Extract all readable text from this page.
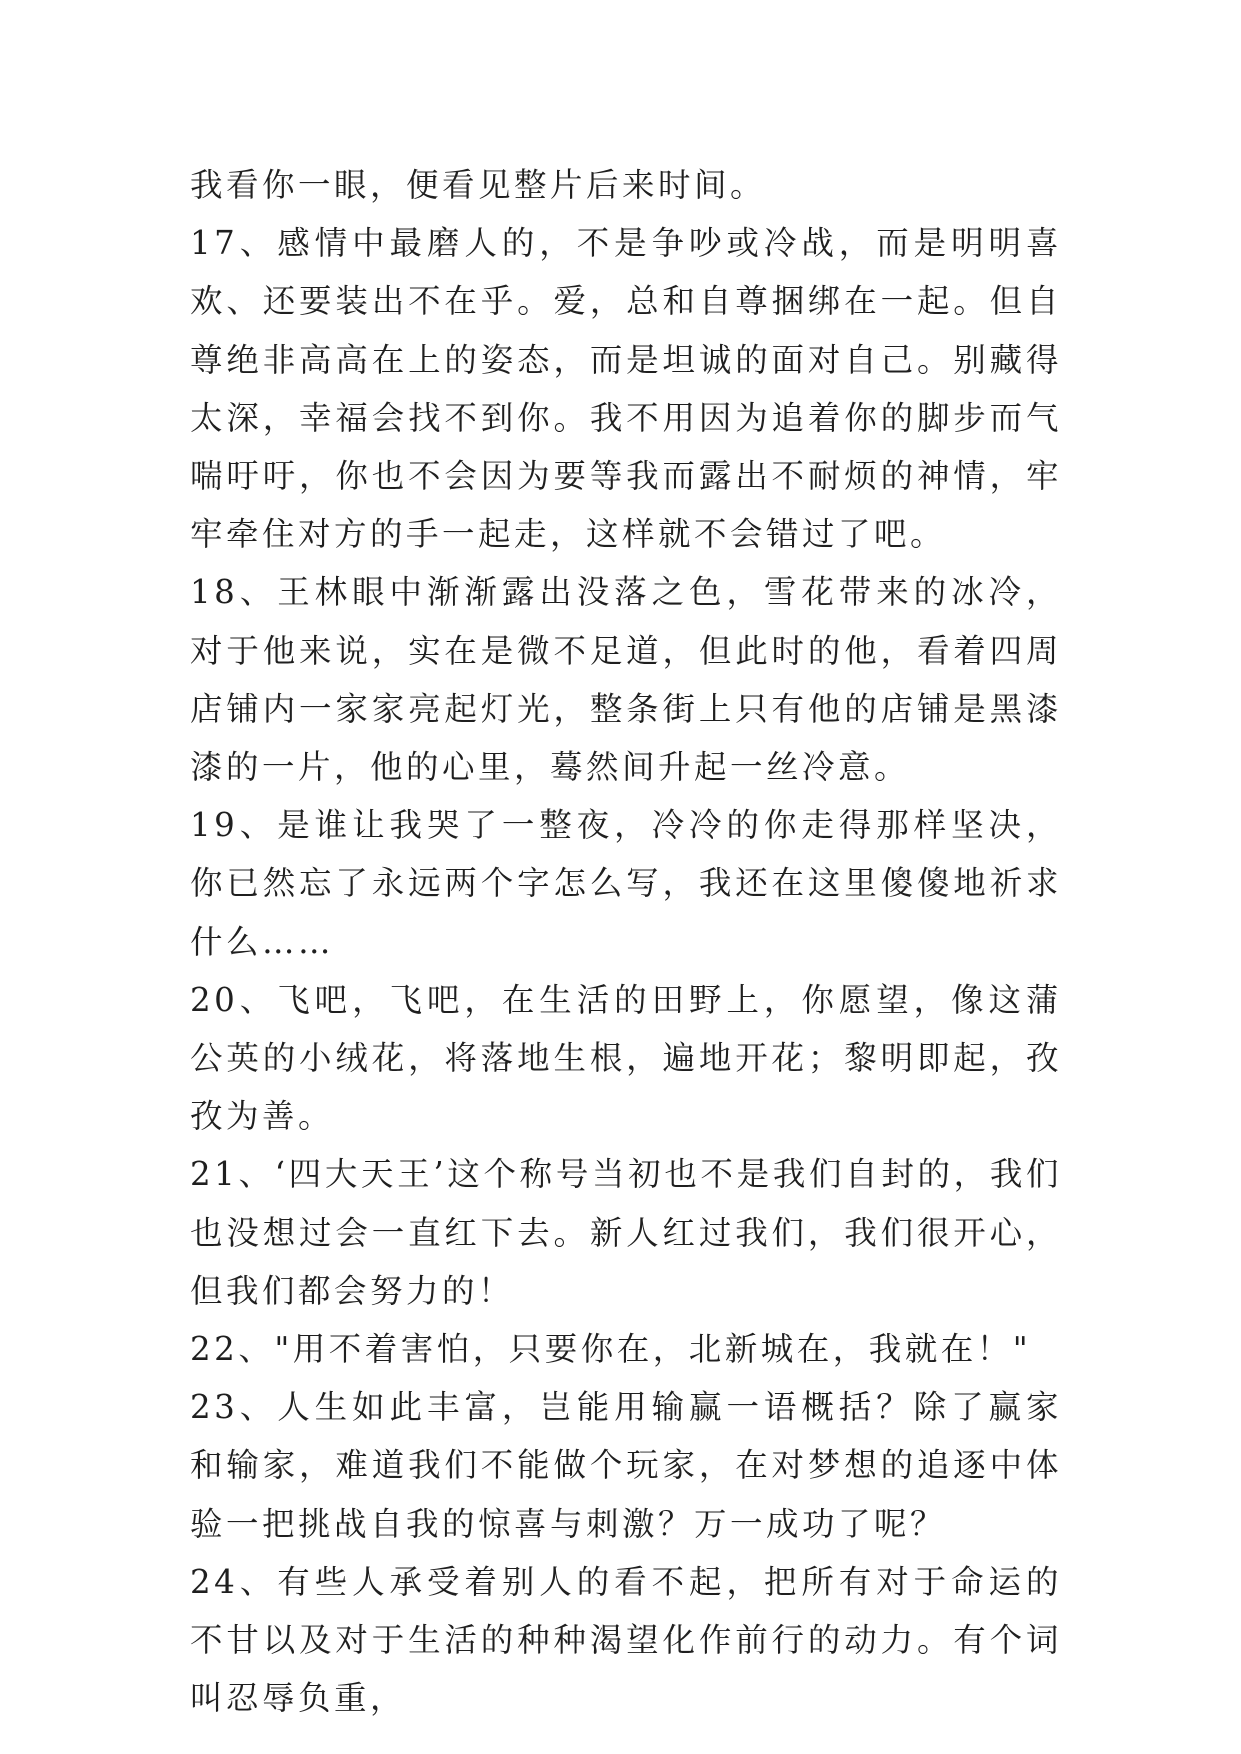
我看你一眼，便看见整片后来时间。

17、感情中最磨人的，不是争吵或冷战，而是明明喜欢、还要装出不在乎。爱，总和自尊捆绑在一起。但自尊绝非高高在上的姿态，而是坦诚的面对自己。别藏得太深，幸福会找不到你。我不用因为追着你的脚步而气喘吁吁，你也不会因为要等我而露出不耐烦的神情，牢牢牵住对方的手一起走，这样就不会错过了吧。

18、王林眼中渐渐露出没落之色，雪花带来的冰冷，对于他来说，实在是微不足道，但此时的他，看着四周店铺内一家家亮起灯光，整条街上只有他的店铺是黑漆漆的一片，他的心里，蓦然间升起一丝冷意。

19、是谁让我哭了一整夜，冷冷的你走得那样坚决，你已然忘了永远两个字怎么写，我还在这里傻傻地祈求什么……

20、飞吧，飞吧，在生活的田野上，你愿望，像这蒲公英的小绒花，将落地生根，遍地开花；黎明即起，孜孜为善。

21、‘四大天王’这个称号当初也不是我们自封的，我们也没想过会一直红下去。新人红过我们，我们很开心，但我们都会努力的！

22、"用不着害怕，只要你在，北新城在，我就在！"

23、人生如此丰富，岂能用输赢一语概括？除了赢家和输家，难道我们不能做个玩家，在对梦想的追逐中体验一把挑战自我的惊喜与刺激？万一成功了呢？

24、有些人承受着别人的看不起，把所有对于命运的不甘以及对于生活的种种渴望化作前行的动力。有个词叫忍辱负重，
